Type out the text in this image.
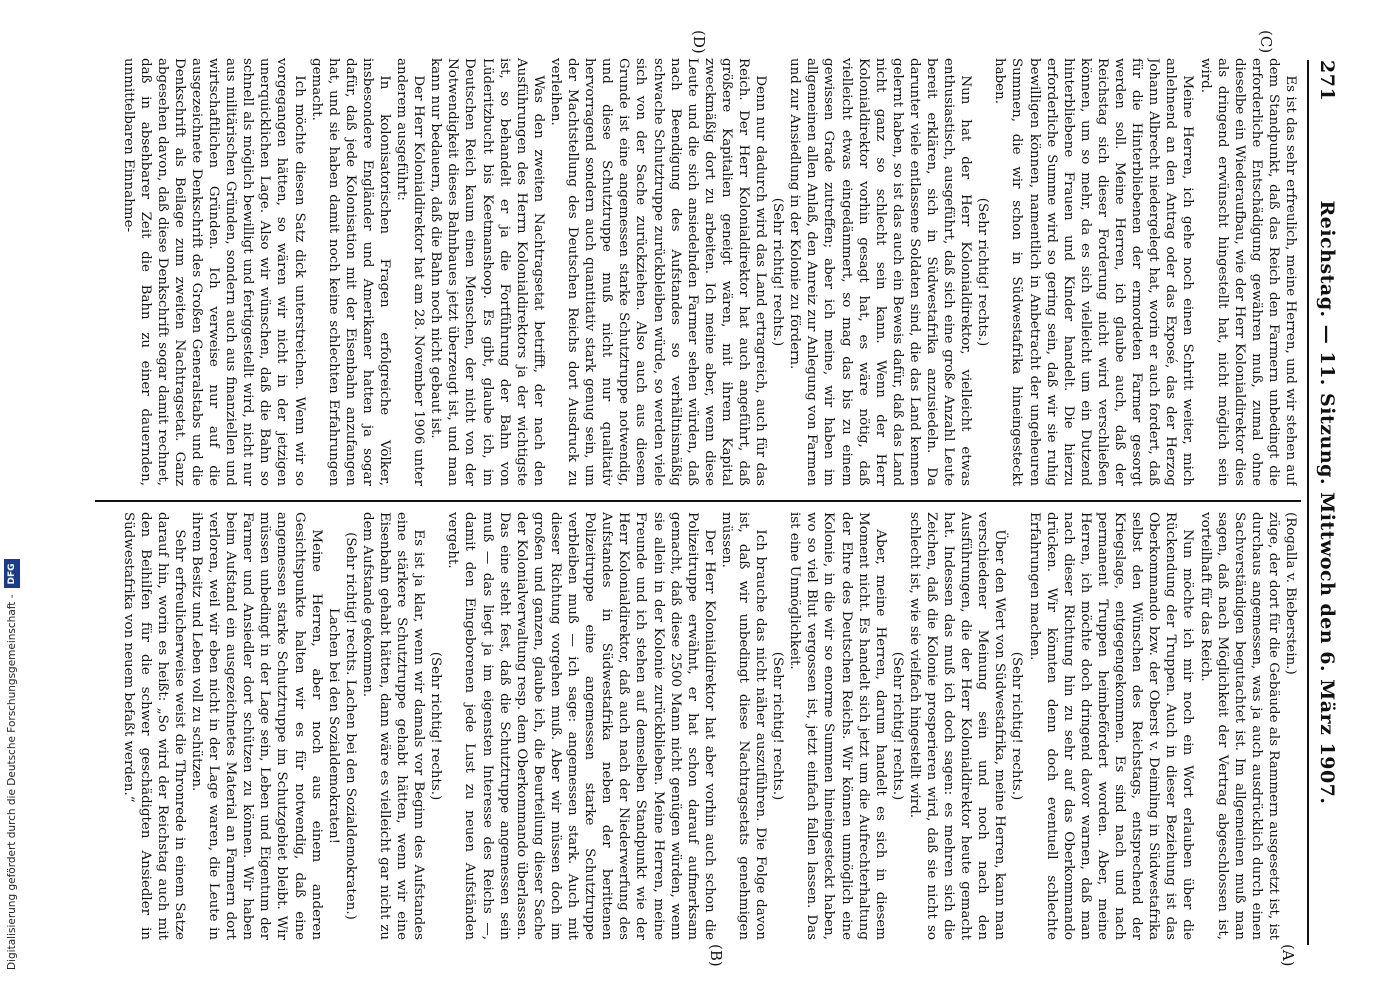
271
Reichstag. — 11. Sitzung. Mittwoch den 6. März 1907.
(C)
(D)
(A)
(B)

Es ist das sehr erfreulich, meine Herren, und wir stehen auf dem Standpunkt, daß das Reich den Farmern unbedingt die erforderliche Entschädigung gewähren muß, zumal ohne dieselbe ein Wiederaufbau, wie der Herr Kolonialdirektor dies als dringend erwünscht hingestellt hat, nicht möglich sein wird.

Meine Herren, ich gehe noch einen Schritt weiter, mich anlehnend an den Antrag oder das Exposé, das der Herzog Johann Albrecht niedergelegt hat, worin er auch fordert, daß für die Hinterbliebenen der ermordeten Farmer gesorgt werden soll. Meine Herren, ich glaube auch, daß der Reichstag sich dieser Forderung nicht wird verschließen können, um so mehr, da es sich vielleicht um ein Dutzend hinterbliebene Frauen und Kinder handelt. Die hierzu erforderliche Summe wird so gering sein, daß wir sie ruhig bewilligen können, namentlich in Anbetracht der ungeheuren Summen, die wir schon in Südwestafrika hineingesteckt haben.

(Sehr richtig! rechts.)

Nun hat der Herr Kolonialdirektor, vielleicht etwas enthusiastisch, ausgeführt, daß sich eine große Anzahl Leute bereit erklären, sich in Südwestafrika anzusiedeln. Da darunter viele entlassene Soldaten sind, die das Land kennen gelernt haben, so ist das auch ein Beweis dafür, daß das Land nicht ganz so schlecht sein kann. Wenn der Herr Kolonialdirektor vorhin gesagt hat, es wäre nötig, daß vielleicht etwas eingedämmert, so mag das bis zu einem gewissen Grade zutreffen; aber ich meine, wir haben im allgemeinen allen Anlaß, den Anreiz zur Anlegung von Farmen und zur Ansiedlung in der Kolonie zu fördern.

(Sehr richtig! rechts.)

Denn nur dadurch wird das Land ertragreich, auch für das Reich. Der Herr Kolonialdirektor hat auch angeführt, daß größere Kapitalien geneigt wären, mit ihrem Kapital zweckmäßig dort zu arbeiten. Ich meine aber, wenn diese Leute und die sich ansiedelnden Farmer sehen würden, daß nach Beendigung des Aufstandes so verhältnismäßig schwache Schutztruppe zurückbleiben würde, so werden viele sich von der Sache zurückziehen. Also auch aus diesem Grunde ist eine angemessen starke Schutztruppe notwendig, und diese Schutztruppe muß nicht nur qualitativ hervorragend sondern auch quantitativ stark genug sein, um der Machtstellung des Deutschen Reichs dort Ausdruck zu verleihen.

Was den zweiten Nachtragsetat betrifft, der nach den Ausführungen des Herrn Kolonialdirektors ja der wichtigste ist, so behandelt er ja die Fortführung der Bahn von Lüderitzbucht bis Keetmanshoop. Es gibt, glaube ich, im Deutschen Reich kaum einen Menschen, der nicht von der Notwendigkeit dieses Bahnbaues jetzt überzeugt ist, und man kann nur bedauern, daß die Bahn noch nicht gebaut ist.

Der Herr Kolonialdirektor hat am 28. November 1906 unter anderem ausgeführt:

In kolonisatorischen Fragen erfolgreiche Völker, insbesondere Engländer und Amerikaner hatten ja sogar dafür, daß jede Kolonisation mit der Eisenbahn anzufangen hat, und sie haben damit noch keine schlechten Erfahrungen gemacht.

Ich möchte diesen Satz dick unterstreichen. Wenn wir so vorgegangen hätten, so wären wir nicht in der jetzigen unerquicklichen Lage. Also wir wünschen, daß die Bahn so schnell als möglich bewilligt und fertiggestellt wird, nicht nur aus militärischen Gründen, sondern auch aus finanziellen und wirtschaftlichen Gründen. Ich verweise nur auf die ausgezeichnete Denkschrift des Großen Generalstabs und die Denkschrift als Beilage zum zweiten Nachtragsetat. Ganz abgesehen davon, daß diese Denkschrift sogar damit rechnet, daß in absehbarer Zeit die Bahn zu einer dauernden, unmittelbaren Einnahme-

(Rogalla v. Bieberstein.)

züge, der dort für die Gebäude als Rammern ausgesetzt ist, ist durchaus angemessen, was ja auch ausdrücklich durch einen Sachverständigen begutachtet ist. Im allgemeinen muß man sagen, daß nach Möglichkeit der Vertrag abgeschlossen ist, vorteilhaft für das Reich.

Nun möchte ich mir noch ein Wort erlauben über die Rückendung der Truppen. Auch in dieser Beziehung ist das Oberkommando bzw. der Oberst v. Deimling in Südwestafrika selbst den Wünschen des Reichstags, entsprechend der Kriegslage, entgegengekommen. Es sind nach und nach permanent Truppen heimbefördert worden. Aber, meine Herren, ich möchte doch dringend davor warnen, daß man nach dieser Richtung hin zu sehr auf das Oberkommando drücken. Wir könnten denn doch eventuell schlechte Erfahrungen machen.

(Sehr richtig! rechts.)

Über den Wert von Südwestafrika, meine Herren, kann man verschiedener Meinung sein und noch nach den Ausführungen, die der Herr Kolonialdirektor heute gemacht hat. Indessen das muß ich doch sagen: es mehren sich die Zeichen, daß die Kolonie prosperieren wird, daß sie nicht so schlecht ist, wie sie vielfach hingestellt wird.

(Sehr richtig! rechts.)

Aber, meine Herren, darum handelt es sich in diesem Moment nicht. Es handelt sich jetzt um die Aufrechterhaltung der Ehre des Deutschen Reichs. Wir können unmöglich eine Kolonie, in die wir so enorme Summen hineingesteckt haben, wo so viel Blut vergossen ist, jetzt einfach fallen lassen. Das ist eine Unmöglichkeit.

(Sehr richtig! rechts.)

Ich brauche das nicht näher auszuführen. Die Folge davon ist, daß wir unbedingt diese Nachtragsetats genehmigen müssen.

Der Herr Kolonialdirektor hat aber vorhin auch schon die Polizeitruppe erwähnt, er hat schon darauf aufmerksam gemacht, daß diese 2500 Mann nicht genügen würden, wenn sie allein in der Kolonie zurückblieben. Meine Herren, meine Freunde und ich stehen auf demselben Standpunkt wie der Herr Kolonialdirektor, daß auch nach der Niederwerfung des Aufstandes in Südwestafrika neben der berittenen Polizeitruppe eine angemessen starke Schutztruppe verbleiben muß — ich sage: angemessen stark. Auch mit dieser Richtung vorgehen muß. Aber wir müssen doch im großen und ganzen, glaube ich, die Beurteilung dieser Sache der Kolonialverwaltung resp. dem Oberkommando überlassen. Das eine steht fest, daß die Schutztruppe angemessen sein muß — das liegt ja im eigensten Interesse des Reichs —, damit den Eingeborenen jede Lust zu neuen Aufständen vergeht.

(Sehr richtig! rechts.)

Es ist ja klar, wenn wir damals vor Beginn des Aufstandes eine stärkere Schutztruppe gehabt hätten, wenn wir eine Eisenbahn gehabt hätten, dann wäre es vielleicht gar nicht zu dem Aufstande gekommen.

(Sehr richtig! rechts. Lachen bei den Sozialdemokraten.)

Lachen bei den Sozialdemokraten!

Meine Herren, aber noch aus einem anderen Gesichtspunkte halten wir es für notwendig, daß eine angemessen starke Schutztruppe im Schutzgebiet bleibt. Wir müssen unbedingt in der Lage sein, Leben und Eigentum der Farmer und Ansiedler dort schützen zu können. Wir haben beim Aufstand ein ausgezeichnetes Material an Farmern dort verloren, weil wir eben nicht in der Lage waren, die Leute in ihrem Besitz und Leben voll zu schützen.

Sehr erfreulicherweise weist die Thronrede in einem Satze darauf hin, worin es heißt: „So wird der Reichstag auch mit den Beihilfen für die schwer geschädigten Ansiedler in Südwestafrika von neuem befaßt werden.“

Digitalisierung gefördert durch die Deutsche Forschungsgemeinschaft -DFG
